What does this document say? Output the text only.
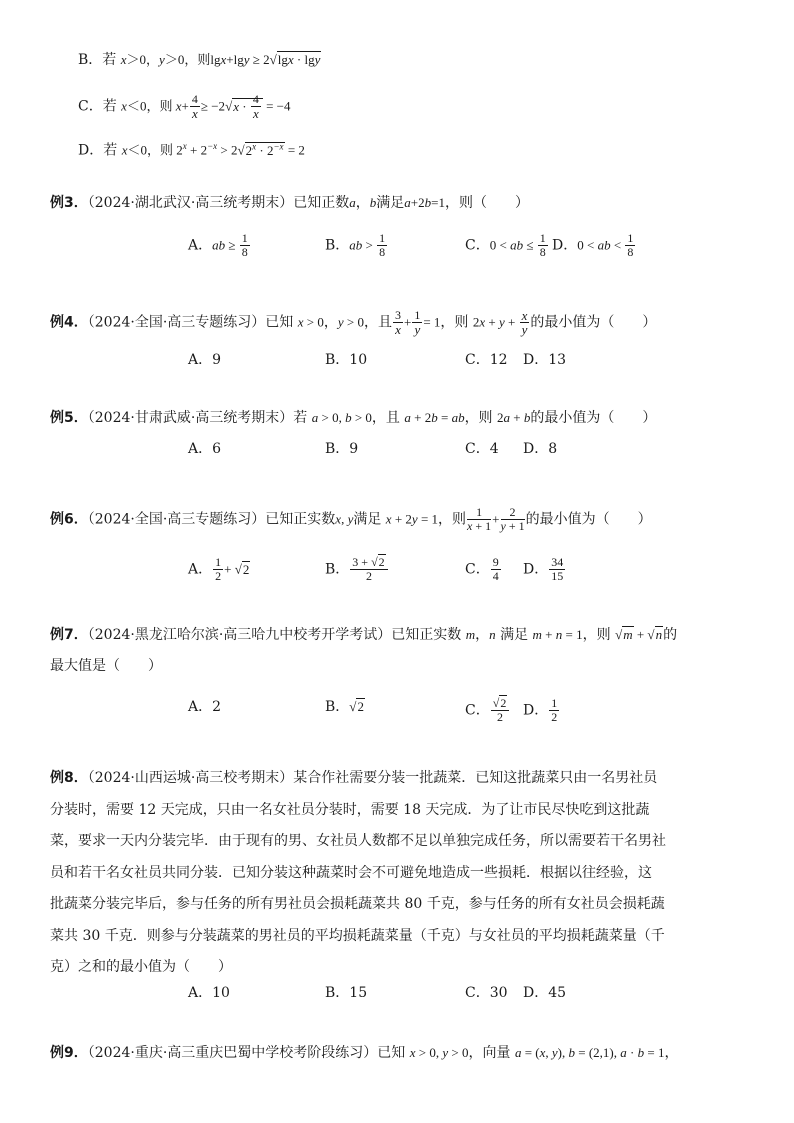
B．若 x＞0，y＞0，则lgx+lgy ≥ 2√lgx · lgy
C．若 x＜0，则 $x+ \frac{4}{x} \ge -2√x \cdot \frac{4}{x} = -4$
D．若 x＜0，则 $2^x + 2^{-x} > 2√2^x \cdot 2^{-x} = 2$
例3．（2024·湖北武汉·高三统考期末）已知正数a，b满足a+2b=1，则（　　）
A．ab ≥ $\frac{1}{8}$	B．ab > $\frac{1}{8}$	C．0 < ab ≤ $\frac{1}{8}$ D．0 < ab < $\frac{1}{8}$
例4．（2024·全国·高三专题练习）已知 x > 0，y > 0，且 $\frac{3}{x} + \frac{1}{y} = 1$，则 $2x + y + \frac{x}{y}$ 的最小值为（　　）
A．9	B．10	C．12 D．13
例5．（2024·甘肃武威·高三统考期末）若 a > 0, b > 0，且 a + 2b = ab，则 2a + b的最小值为（　　）
A．6	B．9	C．4 D．8
例6．（2024·全国·高三专题练习）已知正实数x, y满足 x + 2y = 1，则 $\frac{1}{x + 1} + \frac{2}{y + 1}$ 的最小值为（　　）
A． $\frac{1}{2} + √2$	B． $\frac{3 + √2}{2}$	C． $\frac{9}{4}$ D． $\frac{34}{15}$
例7．（2024·黑龙江哈尔滨·高三哈九中校考开学考试）已知正实数 m，n 满足 m + n = 1，则 √m + √n的
最大值是（　　）
A．2	B．√2	C． $\frac{√2}{2}$ D． $\frac{1}{2}$
例8．（2024·山西运城·高三校考期末）某合作社需要分装一批蔬菜．已知这批蔬菜只由一名男社员
分装时，需要 12 天完成，只由一名女社员分装时，需要 18 天完成．为了让市民尽快吃到这批蔬
菜，要求一天内分装完毕．由于现有的男、女社员人数都不足以单独完成任务，所以需要若干名男社
员和若干名女社员共同分装．已知分装这种蔬菜时会不可避免地造成一些损耗．根据以往经验，这
批蔬菜分装完毕后，参与任务的所有男社员会损耗蔬菜共 80 千克，参与任务的所有女社员会损耗蔬
菜共 30 千克．则参与分装蔬菜的男社员的平均损耗蔬菜量（千克）与女社员的平均损耗蔬菜量（千
克）之和的最小值为（　　）
A．10	B．15	C．30 D．45
例9．（2024·重庆·高三重庆巴蜀中学校考阶段练习）已知 x > 0, y > 0，向量 a = (x, y), b = (2,1), a · b = 1，
